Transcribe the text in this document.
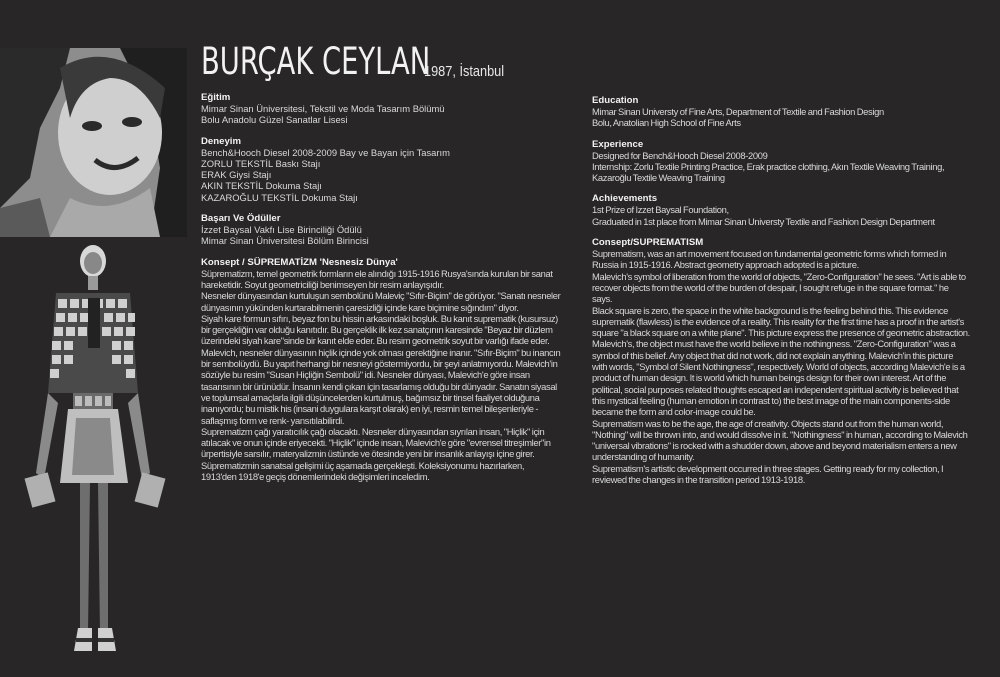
BURÇAK CEYLAN
1987, İstanbul
Eğitim
Mimar Sinan Üniversitesi, Tekstil ve Moda Tasarım Bölümü
Bolu Anadolu Güzel Sanatlar Lisesi
Deneyim
Bench&Hooch Diesel 2008-2009 Bay ve Bayan için Tasarım
ZORLU TEKSTİL Baskı Stajı
ERAK Giysi Stajı
AKIN TEKSTİL Dokuma Stajı
KAZAROĞLU TEKSTİL Dokuma Stajı
Başarı Ve Ödüller
İzzet Baysal Vakfı Lise Birinciliği Ödülü
Mimar Sinan Üniversitesi Bölüm Birincisi
Konsept / SÜPREMATİZM 'Nesnesiz Dünya'

Süprematizm, temel geometrik formların ele alındığı 1915-1916 Rusya'sında kurulan bir sanat hareketidir. Soyut geometriciliği benimseyen bir resim anlayışıdır.

Nesneler dünyasından kurtuluşun sembolünü Maleviç "Sıfır-Biçim" de görüyor. "Sanatı nesneler dünyasının yükünden kurtarabilmenin çaresizliği içinde kare biçimine sığındım" diyor.

Siyah kare formun sıfırı, beyaz fon bu hissin arkasındaki boşluk. Bu kanıt suprematik (kusursuz) bir gerçekliğin var olduğu kanıtıdır. Bu gerçeklik ilk kez sanatçının karesinde "Beyaz bir düzlem üzerindeki siyah kare"sinde bir kanıt elde eder. Bu resim geometrik soyut bir varlığı ifade eder.

Malevich, nesneler dünyasının hiçlik içinde yok olması gerektiğine inanır. "Sıfır-Biçim" bu inancın bir sembolüydü. Bu yapıt herhangi bir nesneyi göstermiyordu, bir şeyi anlatmıyordu. Malevich'in sözüyle bu resim "Susan Hiçliğin Sembolü" idi. Nesneler dünyası, Malevich'e göre insan tasarısının bir ürünüdür. İnsanın kendi çıkarı için tasarlamış olduğu bir dünyadır. Sanatın siyasal ve toplumsal amaçlarla ilgili düşüncelerden kurtulmuş, bağımsız bir tinsel faaliyet olduğuna inanıyordu; bu mistik his (insani duygulara karşıt olarak) en iyi, resmin temel bileşenleriyle -saflaşmış form ve renk- yansıtılabilirdi.

Suprematizm çağı yaratıcılık çağı olacaktı. Nesneler dünyasından sıyrılan insan, "Hiçlik" için atılacak ve onun içinde eriyecekti. "Hiçlik" içinde insan, Malevich'e göre "evrensel titreşimler"in ürpertisiyle sarsılır, materyalizmin üstünde ve ötesinde yeni bir insanlık anlayışı içine girer. Süprematizmin sanatsal gelişimi üç aşamada gerçekleşti. Koleksiyonumu hazırlarken, 1913'den 1918'e geçiş dönemlerindeki değişimleri inceledim.

Education
Mimar Sinan Universty of Fine Arts, Department of Textile and Fashion Design
Bolu, Anatolian High School of Fine Arts
Experience
Designed for Bench&Hooch Diesel 2008-2009
Internship: Zorlu Textile Printing Practice, Erak practice clothing, Akın Textile Weaving Training,
Kazaroğlu Textile Weaving Training
Achievements
1st Prize of Izzet Baysal Foundation,
Graduated in 1st place from Mimar Sinan Universty Textile and Fashion Design Department
Consept/SUPREMATISM

Suprematism, was an art movement focused on fundamental geometric forms which formed in Russia in 1915-1916. Abstract geometry approach adopted is a picture.

Malevich's symbol of liberation from the world of objects, "Zero-Configuration" he sees. "Art is able to recover objects from the world of the burden of despair, I sought refuge in the square format." he says.

Black square is zero, the space in the white background is the feeling behind this. This evidence suprematik (flawless) is the evidence of a reality. This reality for the first time has a proof in the artist's square "a black square on a white plane". This picture express the presence of geometric abstraction.

Malevich's, the object must have the world believe in the nothingness. "Zero-Configuration" was a symbol of this belief. Any object that did not work, did not explain anything. Malevich'in this picture with words, "Symbol of Silent Nothingness", respectively. World of objects, according Malevich'e is a product of human design. It is world which human beings design for their own interest. Art of the political, social purposes related thoughts escaped an independent spiritual activity is believed that this mystical feeling (human emotion in contrast to) the best image of the main components-side became the form and color-image could be.

Suprematism was to be the age, the age of creativity. Objects stand out from the human world, "Nothing" will be thrown into, and would dissolve in it. "Nothingness" in human, according to Malevich "universal vibrations" is rocked with a shudder down, above and beyond materialism enters a new understanding of humanity.

Suprematism's artistic development occurred in three stages. Getting ready for my collection, I reviewed the changes in the transition period 1913-1918.
